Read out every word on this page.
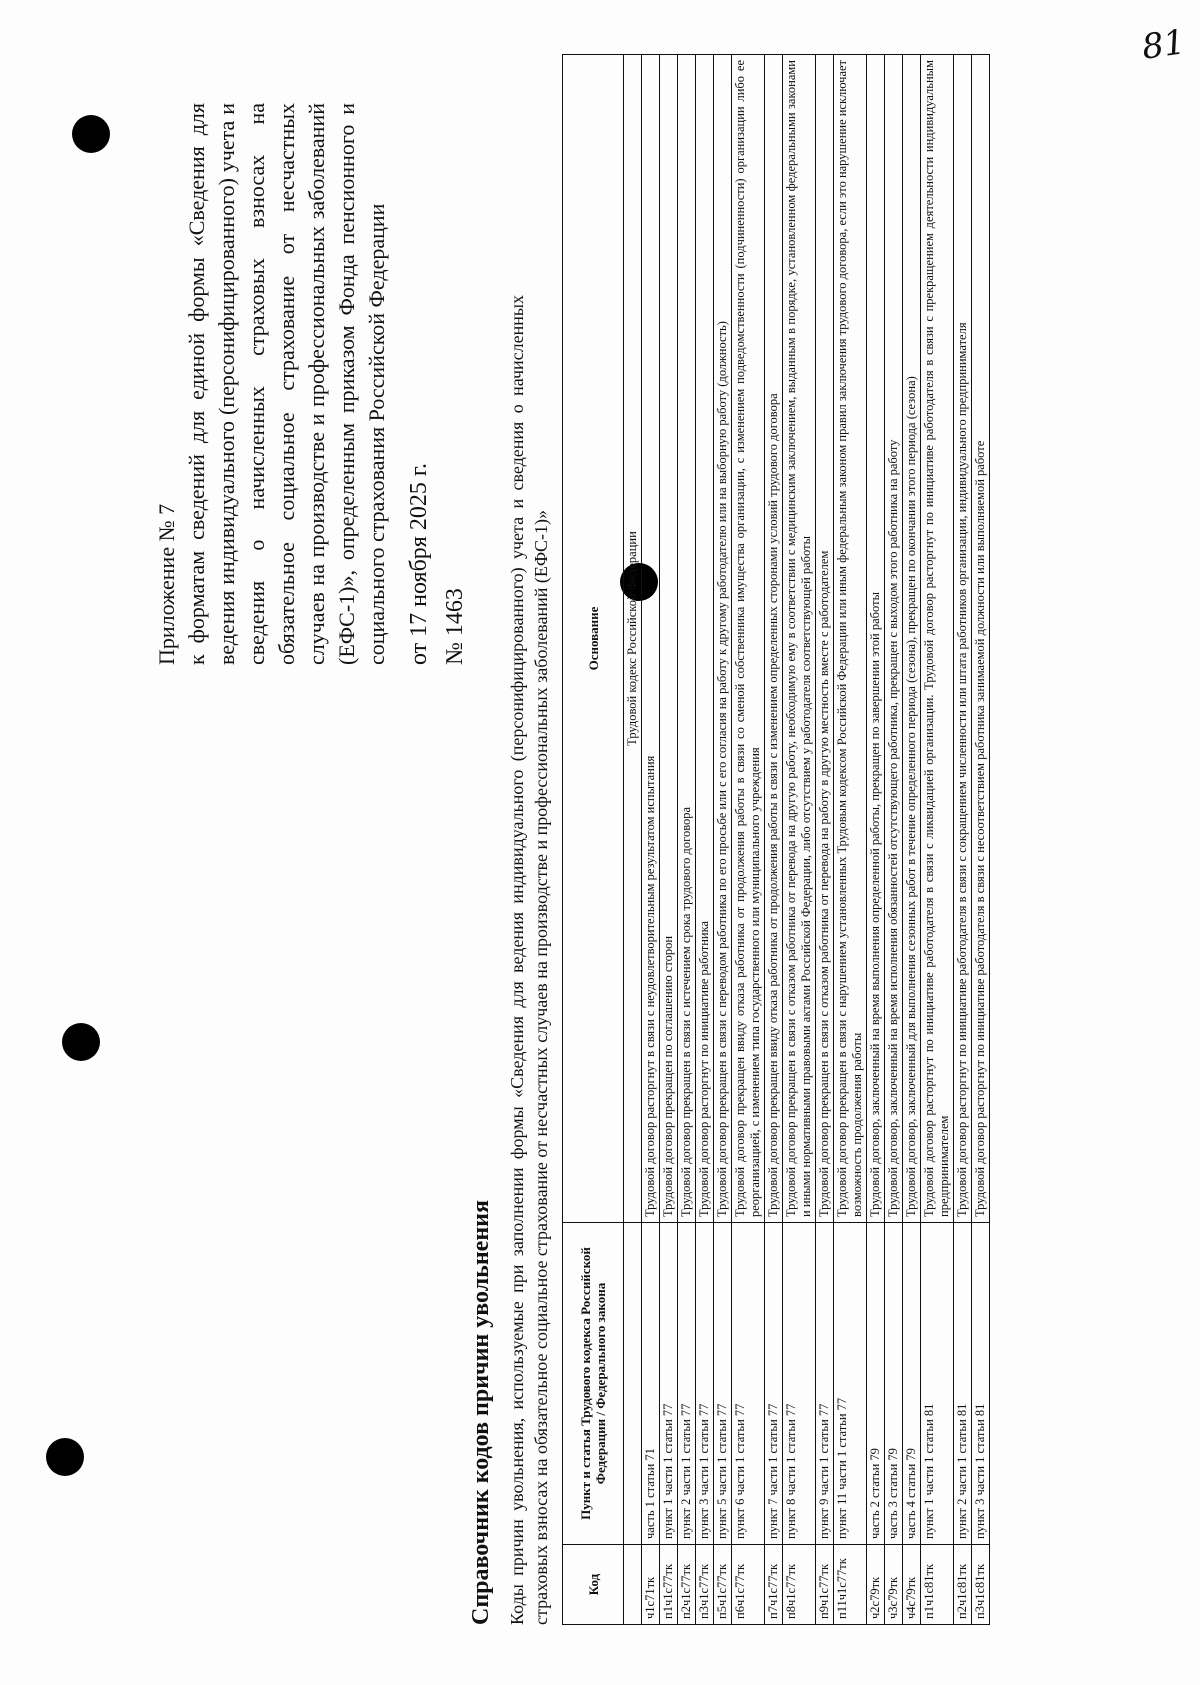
81
Приложение № 7 к форматам сведений для единой формы «Сведения для ведения индивидуального (персонифицированного) учета и сведения о начисленных страховых взносах на обязательное социальное страхование от несчастных случаев на производстве и профессиональных заболеваний (ЕФС-1)», определенным приказом Фонда пенсионного и социального страхования Российской Федерации от 17 ноября 2025 г. № 1463
Справочник кодов причин увольнения Коды причин увольнения, используемые при заполнении формы «Сведения для ведения индивидуального (персонифицированного) учета и сведения о начисленных страховых взносах на обязательное социальное страхование от несчастных случаев на производстве и профессиональных заболеваний (ЕФС-1)»	Код	Пункт и статья Трудового кодекса Российской Федерации / Федерального закона	Основание
		Трудовой кодекс Российской Федерации
ч1с71тк	часть 1 статьи 71	Трудовой договор расторгнут в связи с неудовлетворительным результатом испытания
п1ч1с77тк	пункт 1 части 1 статьи 77	Трудовой договор прекращен по соглашению сторон
п2ч1с77тк	пункт 2 части 1 статьи 77	Трудовой договор прекращен в связи с истечением срока трудового договора
п3ч1с77тк	пункт 3 части 1 статьи 77	Трудовой договор расторгнут по инициативе работника
п5ч1с77тк	пункт 5 части 1 статьи 77	Трудовой договор прекращен в связи с переводом работника по его просьбе или с его согласия на работу к другому работодателю или на выборную работу (должность)
п6ч1с77тк	пункт 6 части 1 статьи 77	Трудовой договор прекращен ввиду отказа работника от продолжения работы в связи со сменой собственника имущества организации, с изменением подведомственности (подчиненности) организации либо ее реорганизацией, с изменением типа государственного или муниципального учреждения
п7ч1с77тк	пункт 7 части 1 статьи 77	Трудовой договор прекращен ввиду отказа работника от продолжения работы в связи с изменением определенных сторонами условий трудового договора
п8ч1с77тк	пункт 8 части 1 статьи 77	Трудовой договор прекращен в связи с отказом работника от перевода на другую работу, необходимую ему в соответствии с медицинским заключением, выданным в порядке, установленном федеральными законами и иными нормативными правовыми актами Российской Федерации, либо отсутствием у работодателя соответствующей работы
п9ч1с77тк	пункт 9 части 1 статьи 77	Трудовой договор прекращен в связи с отказом работника от перевода на работу в другую местность вместе с работодателем
п11ч1с77тк	пункт 11 части 1 статьи 77	Трудовой договор прекращен в связи с нарушением установленных Трудовым кодексом Российской Федерации или иным федеральным законом правил заключения трудового договора, если это нарушение исключает возможность продолжения работы
ч2с79тк	часть 2 статьи 79	Трудовой договор, заключенный на время выполнения определенной работы, прекращен по завершении этой работы
ч3с79тк	часть 3 статьи 79	Трудовой договор, заключенный на время исполнения обязанностей отсутствующего работника, прекращен с выходом этого работника на работу
ч4с79тк	часть 4 статьи 79	Трудовой договор, заключенный для выполнения сезонных работ в течение определенного периода (сезона), прекращен по окончании этого периода (сезона)
п1ч1с81тк	пункт 1 части 1 статьи 81	Трудовой договор расторгнут по инициативе работодателя в связи с ликвидацией организации. Трудовой договор расторгнут по инициативе работодателя в связи с прекращением деятельности индивидуальным предпринимателем
п2ч1с81тк	пункт 2 части 1 статьи 81	Трудовой договор расторгнут по инициативе работодателя в связи с сокращением численности или штата работников организации, индивидуального предпринимателя
п3ч1с81тк	пункт 3 части 1 статьи 81	Трудовой договор расторгнут по инициативе работодателя в связи с несоответствием работника занимаемой должности или выполняемой работе
